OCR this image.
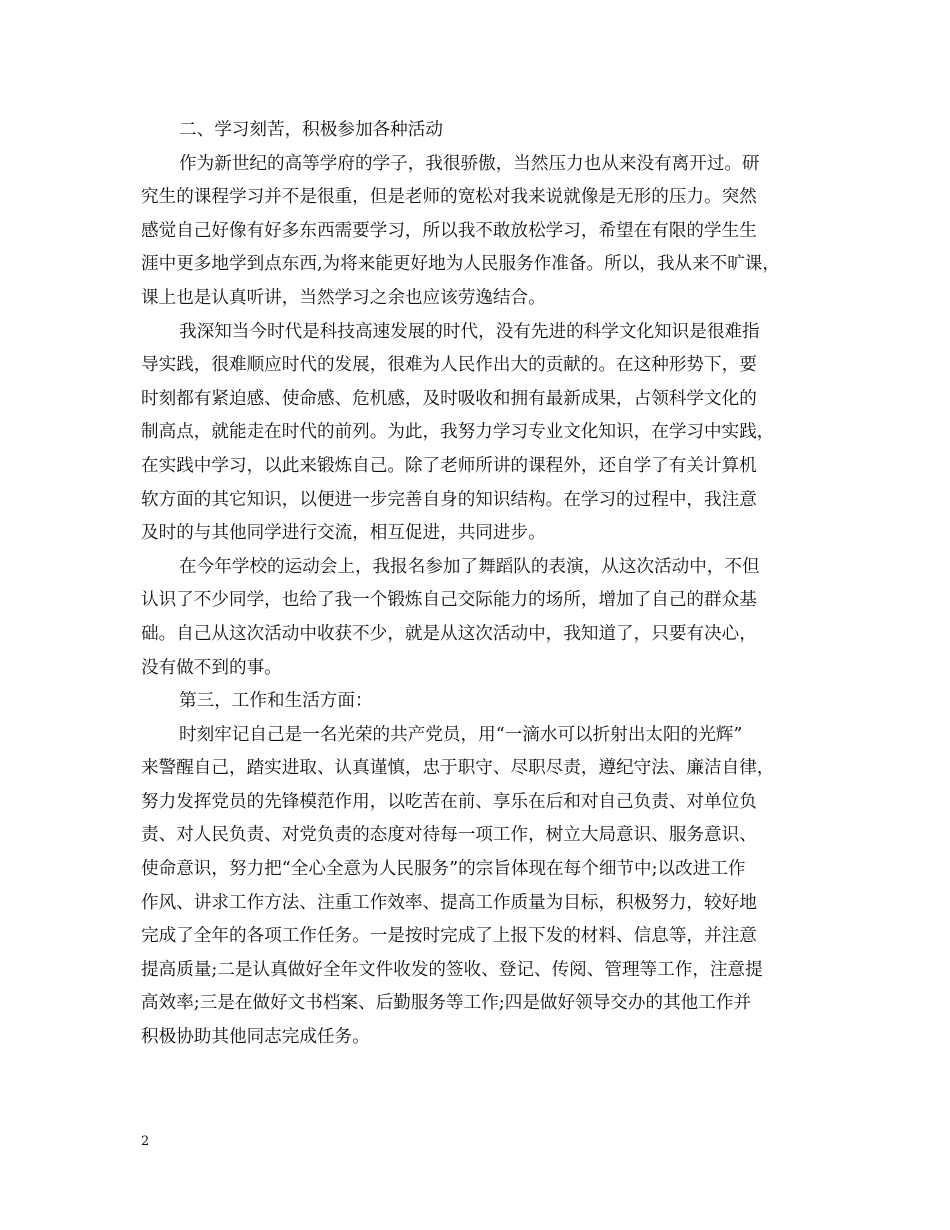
二、学习刻苦，积极参加各种活动
作为新世纪的高等学府的学子，我很骄傲，当然压力也从来没有离开过。研
究生的课程学习并不是很重，但是老师的宽松对我来说就像是无形的压力。突然
感觉自己好像有好多东西需要学习，所以我不敢放松学习，希望在有限的学生生
涯中更多地学到点东西,为将来能更好地为人民服务作准备。所以，我从来不旷课，
课上也是认真听讲，当然学习之余也应该劳逸结合。
我深知当今时代是科技高速发展的时代，没有先进的科学文化知识是很难指
导实践，很难顺应时代的发展，很难为人民作出大的贡献的。在这种形势下，要
时刻都有紧迫感、使命感、危机感，及时吸收和拥有最新成果，占领科学文化的
制高点，就能走在时代的前列。为此，我努力学习专业文化知识，在学习中实践，
在实践中学习，以此来锻炼自己。除了老师所讲的课程外，还自学了有关计算机
软方面的其它知识，以便进一步完善自身的知识结构。在学习的过程中，我注意
及时的与其他同学进行交流，相互促进，共同进步。
在今年学校的运动会上，我报名参加了舞蹈队的表演，从这次活动中，不但
认识了不少同学，也给了我一个锻炼自己交际能力的场所，增加了自己的群众基
础。自己从这次活动中收获不少，就是从这次活动中，我知道了，只要有决心，
没有做不到的事。
第三，工作和生活方面：
时刻牢记自己是一名光荣的共产党员，用“一滴水可以折射出太阳的光辉”
来警醒自己，踏实进取、认真谨慎，忠于职守、尽职尽责，遵纪守法、廉洁自律，
努力发挥党员的先锋模范作用，以吃苦在前、享乐在后和对自己负责、对单位负
责、对人民负责、对党负责的态度对待每一项工作，树立大局意识、服务意识、
使命意识，努力把“全心全意为人民服务”的宗旨体现在每个细节中;以改进工作
作风、讲求工作方法、注重工作效率、提高工作质量为目标，积极努力，较好地
完成了全年的各项工作任务。一是按时完成了上报下发的材料、信息等，并注意
提高质量;二是认真做好全年文件收发的签收、登记、传阅、管理等工作，注意提
高效率;三是在做好文书档案、后勤服务等工作;四是做好领导交办的其他工作并
积极协助其他同志完成任务。
2
